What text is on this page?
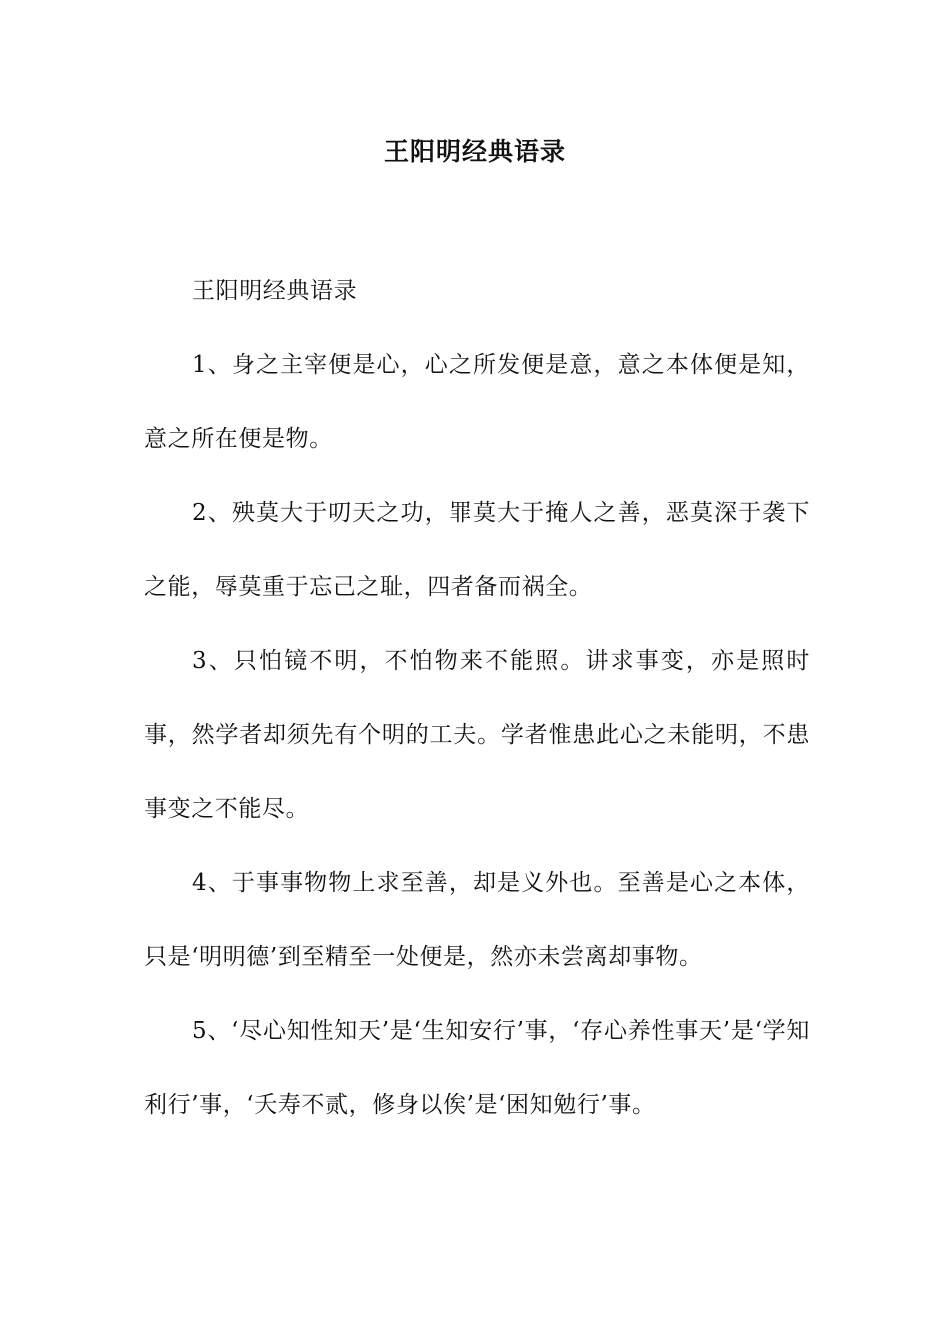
王阳明经典语录

王阳明经典语录

1、身之主宰便是心，心之所发便是意，意之本体便是知，意之所在便是物。

2、殃莫大于叨天之功，罪莫大于掩人之善，恶莫深于袭下之能，辱莫重于忘己之耻，四者备而祸全。

3、只怕镜不明，不怕物来不能照。讲求事变，亦是照时事，然学者却须先有个明的工夫。学者惟患此心之未能明，不患事变之不能尽。

4、于事事物物上求至善，却是义外也。至善是心之本体，只是‘明明德’到至精至一处便是，然亦未尝离却事物。

5、‘尽心知性知天’是‘生知安行’事，‘存心养性事天’是‘学知利行’事，‘夭寿不贰，修身以俟’是‘困知勉行’事。
